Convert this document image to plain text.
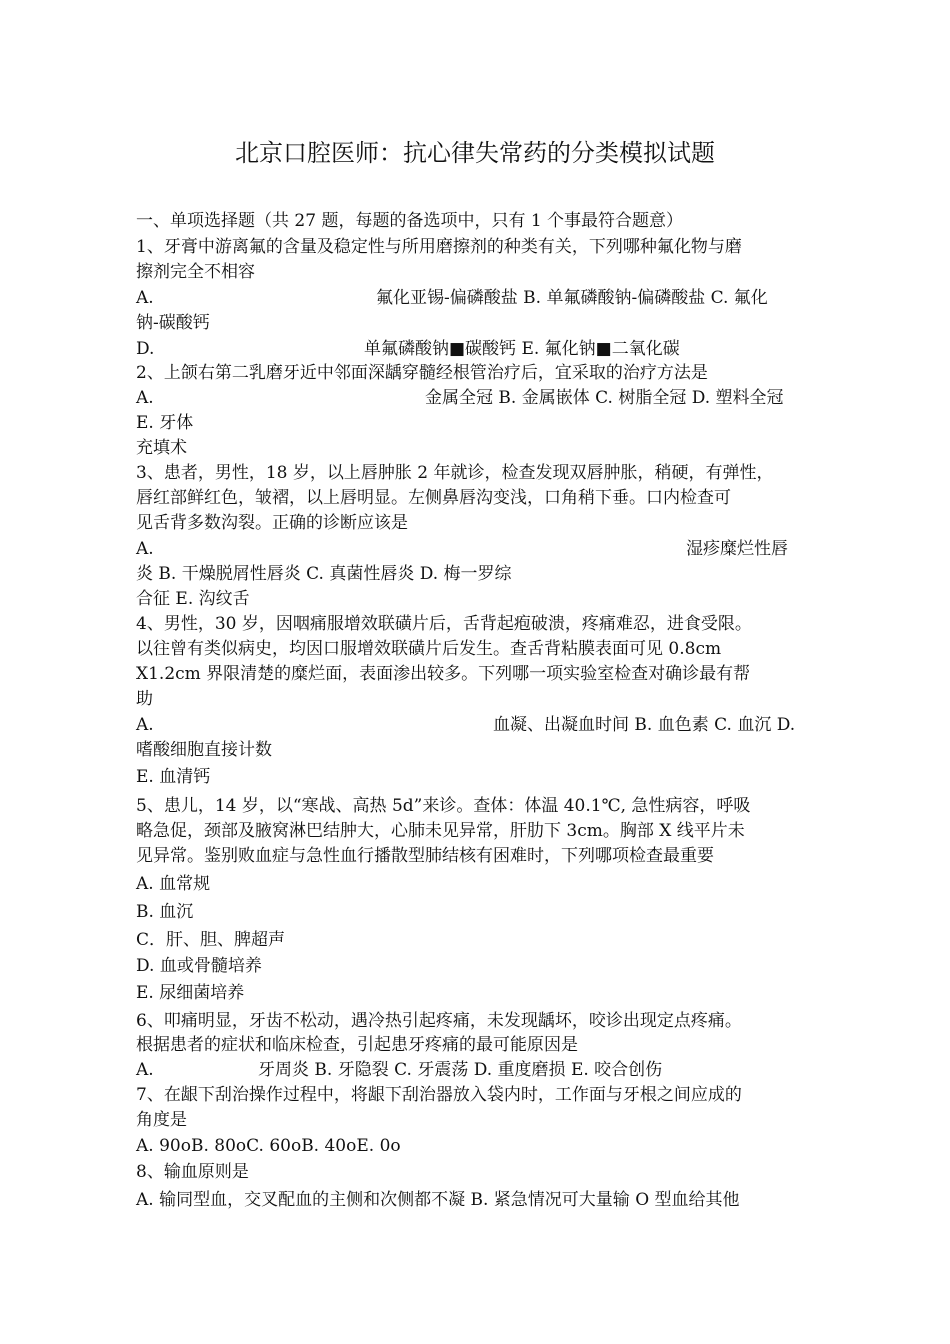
北京口腔医师：抗心律失常药的分类模拟试题
一、单项选择题（共 27 题，每题的备选项中，只有 1 个事最符合题意）
1、牙膏中游离氟的含量及稳定性与所用磨擦剂的种类有关，下列哪种氟化物与磨
擦剂完全不相容
A.	氟化亚锡-偏磷酸盐 B. 单氟磷酸钠-偏磷酸盐 C. 氟化
钠-碳酸钙
D.	单氟磷酸钠■碳酸钙 E. 氟化钠■二氧化碳
2、上颌右第二乳磨牙近中邻面深龋穿髓经根管治疗后，宜采取的治疗方法是
A.	金属全冠 B. 金属嵌体 C. 树脂全冠 D. 塑料全冠
E. 牙体
充填术
3、患者，男性，18 岁，以上唇肿胀 2 年就诊，检查发现双唇肿胀，稍硬，有弹性，
唇红部鲜红色，皱褶，以上唇明显。左侧鼻唇沟变浅，口角稍下垂。口内检查可
见舌背多数沟裂。正确的诊断应该是
A.	湿疹糜烂性唇
炎 B. 干燥脱屑性唇炎 C. 真菌性唇炎 D. 梅一罗综
合征 E. 沟纹舌
4、男性，30 岁，因咽痛服增效联磺片后，舌背起疱破溃，疼痛难忍，进食受限。
以往曾有类似病史，均因口服增效联磺片后发生。查舌背粘膜表面可见 0.8cm
X1.2cm 界限清楚的糜烂面，表面渗出较多。下列哪一项实验室检查对确诊最有帮
助
A.	血凝、出凝血时间 B. 血色素 C. 血沉 D.
嗜酸细胞直接计数
E. 血清钙
5、患儿，14 岁，以“寒战、高热 5d”来诊。查体：体温 40.1℃, 急性病容，呼吸
略急促，颈部及腋窝淋巴结肿大，心肺未见异常，肝肋下 3cm。胸部 X 线平片未
见异常。鉴别败血症与急性血行播散型肺结核有困难时，下列哪项检查最重要
A. 血常规
B. 血沉
C．肝、胆、脾超声
D. 血或骨髓培养
E. 尿细菌培养
6、叩痛明显，牙齿不松动，遇冷热引起疼痛，未发现龋坏，咬诊出现定点疼痛。
根据患者的症状和临床检查，引起患牙疼痛的最可能原因是
A.	牙周炎 B. 牙隐裂 C. 牙震荡 D. 重度磨损 E. 咬合创伤
7、在龈下刮治操作过程中，将龈下刮治器放入袋内时，工作面与牙根之间应成的
角度是
A. 90oB. 80oC. 60oB. 40oE. 0o
8、输血原则是
A. 输同型血，交叉配血的主侧和次侧都不凝 B. 紧急情况可大量输 O 型血给其他
